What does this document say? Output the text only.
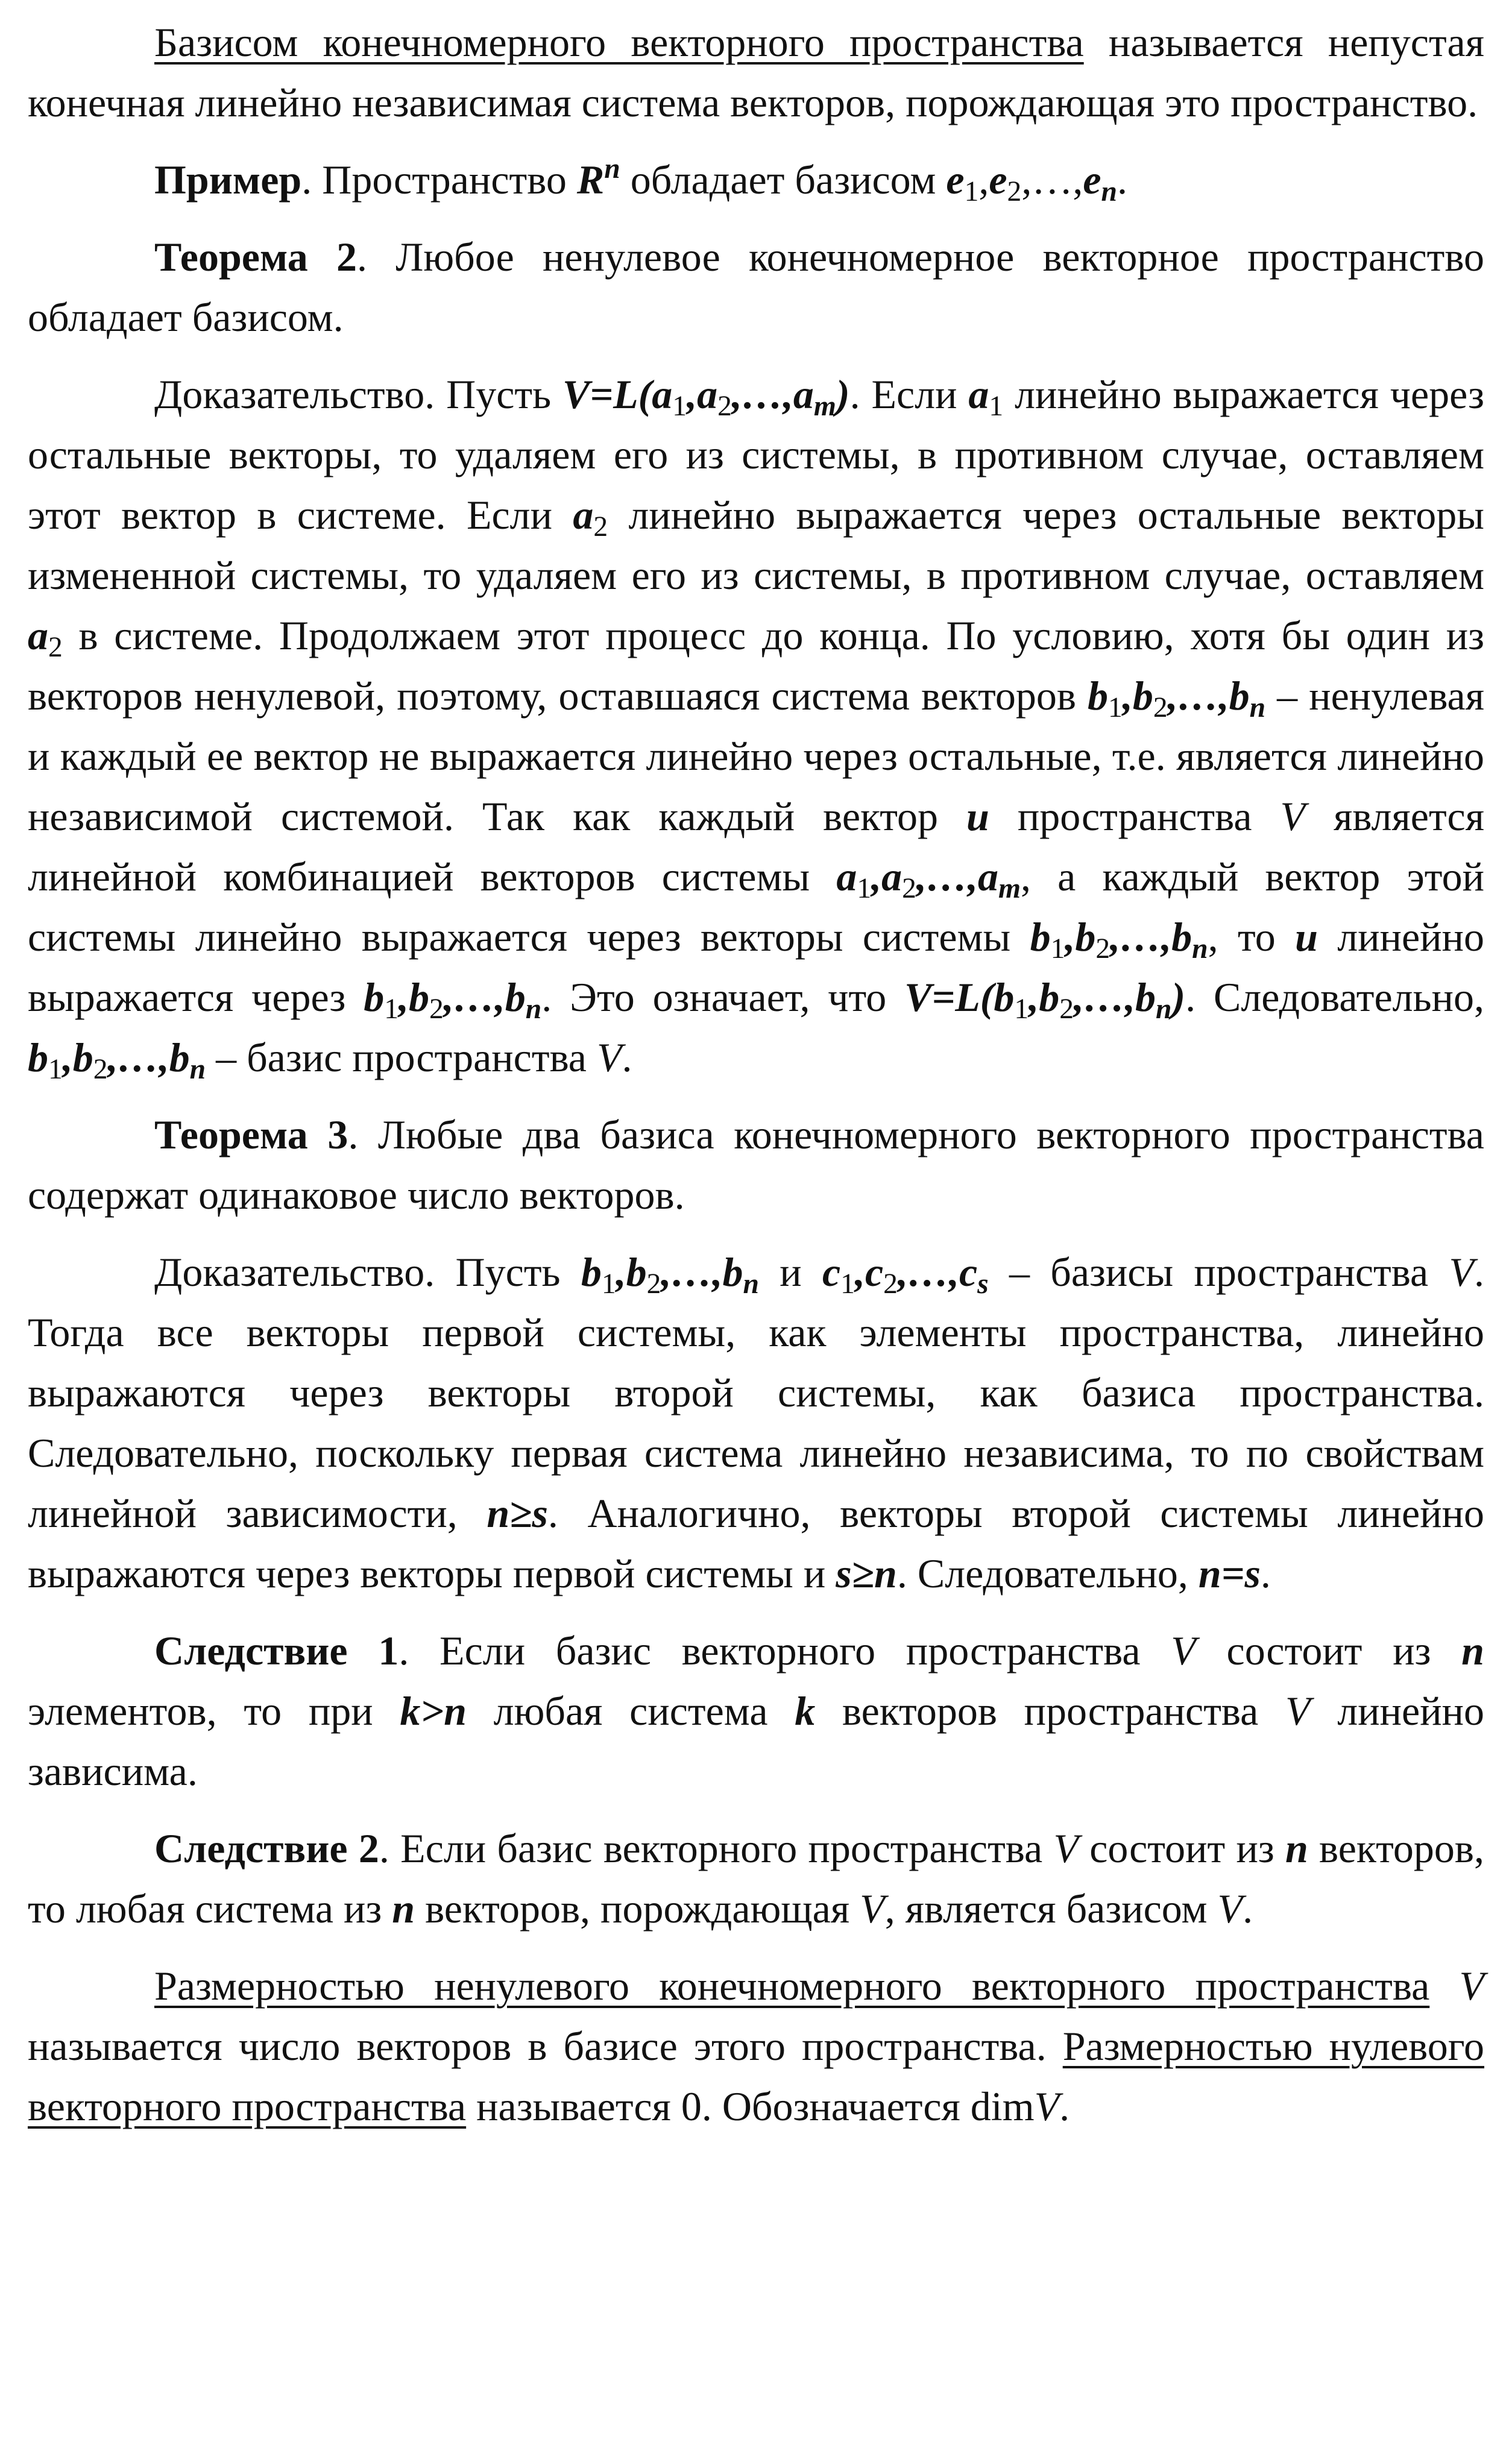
Базисом конечномерного векторного пространства называется непустая конечная линейно независимая система векторов, порождающая это пространство.

Пример. Пространство $R^n$ обладает базисом $e_1,e_2,\dots,e_n$.

Теорема 2. Любое ненулевое конечномерное векторное пространство обладает базисом.

Доказательство. Пусть $V=L(a_1,a_2,\dots,a_m)$. Если $a_1$ линейно выражается через остальные векторы, то удаляем его из системы, в противном случае, оставляем этот вектор в системе. Если $a_2$ линейно выражается через остальные векторы измененной системы, то удаляем его из системы, в противном случае, оставляем $a_2$ в системе. Продолжаем этот процесс до конца. По условию, хотя бы один из векторов ненулевой, поэтому, оставшаяся система векторов $b_1,b_2,\dots,b_n$ – ненулевая и каждый ее вектор не выражается линейно через остальные, т.е. является линейно независимой системой. Так как каждый вектор u пространства V является линейной комбинацией векторов системы $a_1,a_2,\dots,a_m$, а каждый вектор этой системы линейно выражается через векторы системы $b_1,b_2,\dots,b_n$, то u линейно выражается через $b_1,b_2,\dots,b_n$. Это означает, что $V=L(b_1,b_2,\dots,b_n)$. Следовательно, $b_1,b_2,\dots,b_n$ – базис пространства V.

Теорема 3. Любые два базиса конечномерного векторного пространства содержат одинаковое число векторов.

Доказательство. Пусть $b_1,b_2,\dots,b_n$ и $c_1,c_2,\dots,c_s$ – базисы пространства V. Тогда все векторы первой системы, как элементы пространства, линейно выражаются через векторы второй системы, как базиса пространства. Следовательно, поскольку первая система линейно независима, то по свойствам линейной зависимости, n≥s. Аналогично, векторы второй системы линейно выражаются через векторы первой системы и s≥n. Следовательно, n=s.

Следствие 1. Если базис векторного пространства V состоит из n элементов, то при k>n любая система k векторов пространства V линейно зависима.

Следствие 2. Если базис векторного пространства V состоит из n векторов, то любая система из n векторов, порождающая V, является базисом V.

Размерностью ненулевого конечномерного векторного пространства V называется число векторов в базисе этого пространства. Размерностью нулевого векторного пространства называется 0. Обозначается dimV.
